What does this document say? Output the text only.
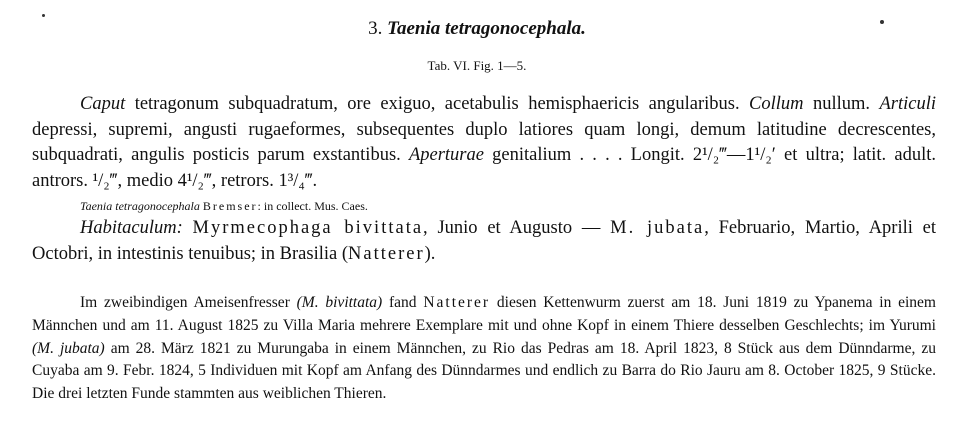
3. Taenia tetragonocephala.
Tab. VI. Fig. 1—5.

Caput tetragonum subquadratum, ore exiguo, acetabulis hemisphaericis angularibus. Collum nullum. Articuli depressi, supremi, angusti rugaeformes, subsequentes duplo latiores quam longi, demum latitudine decrescentes, subquadrati, angulis posticis parum exstantibus. Aperturae genitalium . . . . Longit. 2¹/₂‴—1¹/₂′ et ultra; latit. adult. antrors. ¹/₂‴, medio 4¹/₂‴, retrors. 1³/₄‴.

Taenia tetragonocephala Bremser: in collect. Mus. Caes.

Habitaculum: Myrmecophaga bivittata, Junio et Augusto — M. jubata, Februario, Martio, Aprili et Octobri, in intestinis tenuibus; in Brasilia (Natterer).

Im zweibindigen Ameisenfresser (M. bivittata) fand Natterer diesen Kettenwurm zuerst am 18. Juni 1819 zu Ypanema in einem Männchen und am 11. August 1825 zu Villa Maria mehrere Exemplare mit und ohne Kopf in einem Thiere desselben Geschlechts; im Yurumi (M. jubata) am 28. März 1821 zu Murungaba in einem Männchen, zu Rio das Pedras am 18. April 1823, 8 Stück aus dem Dünndarme, zu Cuyaba am 9. Febr. 1824, 5 Individuen mit Kopf am Anfang des Dünndarmes und endlich zu Barra do Rio Jauru am 8. October 1825, 9 Stücke. Die drei letzten Funde stammten aus weiblichen Thieren.
